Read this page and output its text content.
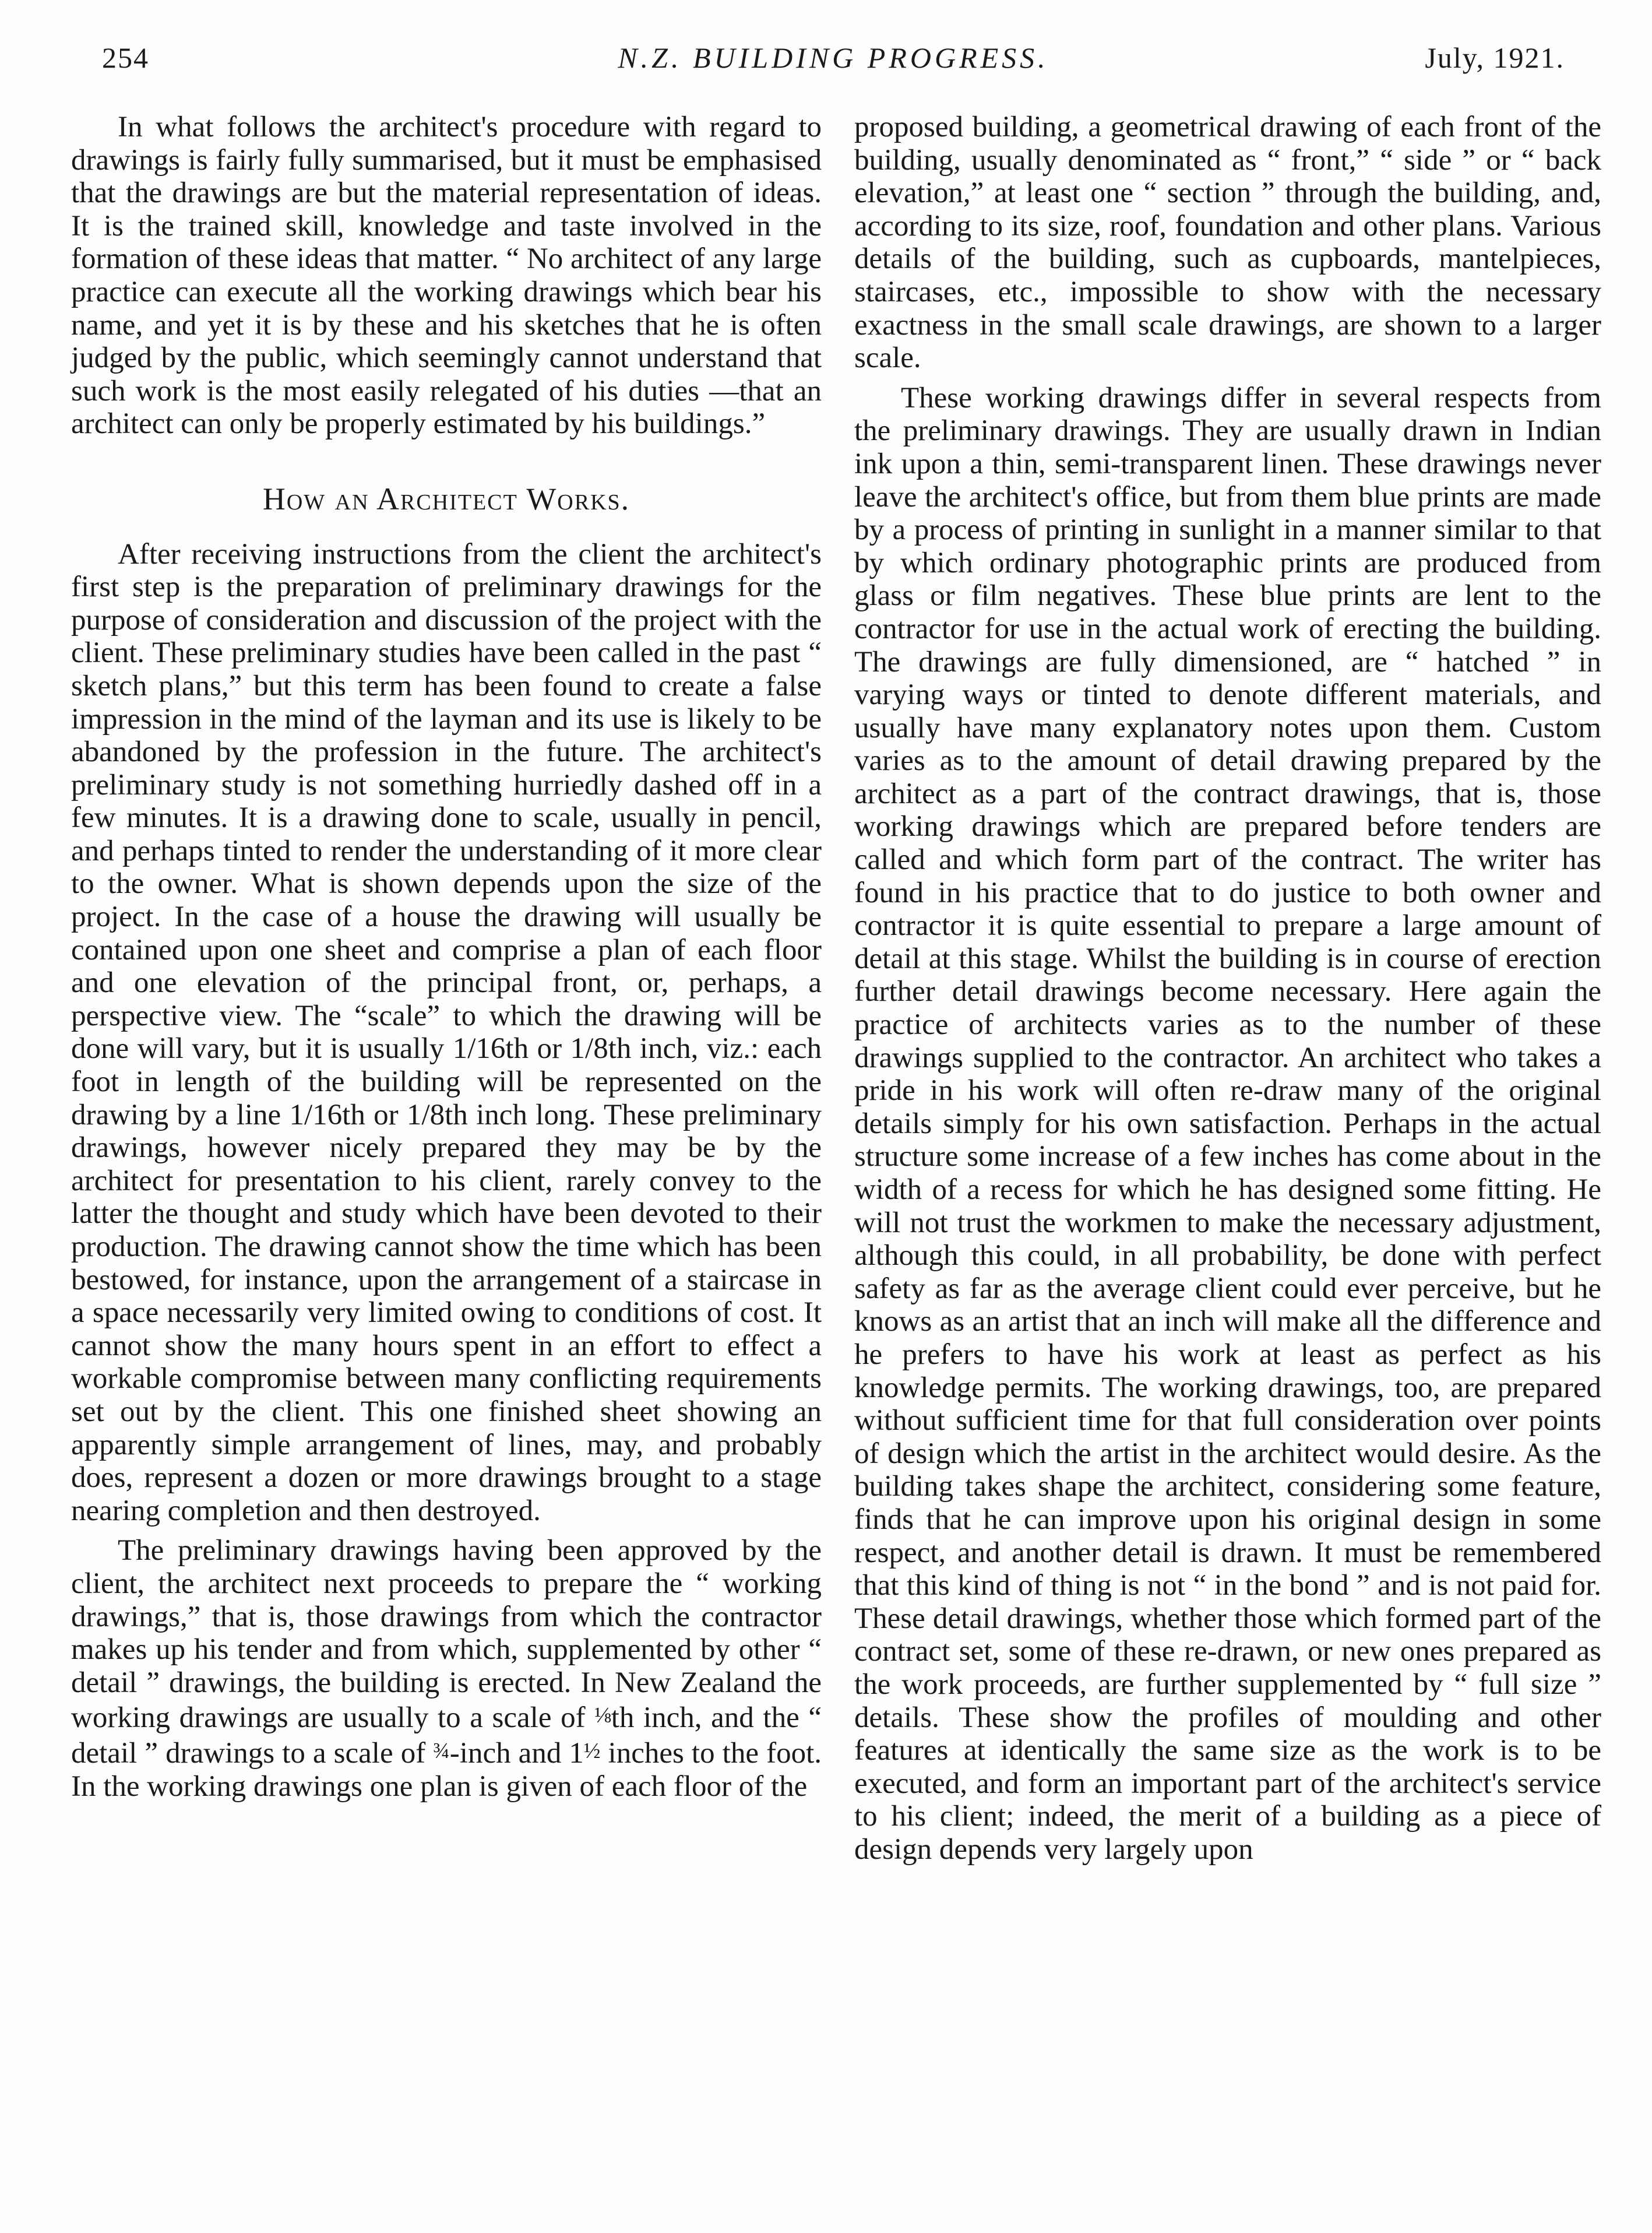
254	N.Z. BUILDING PROGRESS.	July, 1921.

In what follows the architect's procedure with regard to drawings is fairly fully summarised, but it must be emphasised that the drawings are but the material representation of ideas. It is the trained skill, knowledge and taste involved in the formation of these ideas that matter. “ No architect of any large practice can execute all the working drawings which bear his name, and yet it is by these and his sketches that he is often judged by the public, which seemingly cannot understand that such work is the most easily relegated of his duties —that an architect can only be properly estimated by his buildings.”

How an Architect Works.

After receiving instructions from the client the architect's first step is the preparation of preliminary drawings for the purpose of consideration and discussion of the project with the client. These preliminary studies have been called in the past “ sketch plans,” but this term has been found to create a false impression in the mind of the layman and its use is likely to be abandoned by the profession in the future. The architect's preliminary study is not something hurriedly dashed off in a few minutes. It is a drawing done to scale, usually in pencil, and perhaps tinted to render the understanding of it more clear to the owner. What is shown depends upon the size of the project. In the case of a house the drawing will usually be contained upon one sheet and comprise a plan of each floor and one elevation of the principal front, or, perhaps, a perspective view. The “scale” to which the drawing will be done will vary, but it is usually 1/16th or 1/8th inch, viz.: each foot in length of the building will be represented on the drawing by a line 1/16th or 1/8th inch long. These preliminary drawings, however nicely prepared they may be by the architect for presentation to his client, rarely convey to the latter the thought and study which have been devoted to their production. The drawing cannot show the time which has been bestowed, for instance, upon the arrangement of a staircase in a space necessarily very limited owing to conditions of cost. It cannot show the many hours spent in an effort to effect a workable compromise between many conflicting requirements set out by the client. This one finished sheet showing an apparently simple arrangement of lines, may, and probably does, represent a dozen or more drawings brought to a stage nearing completion and then destroyed.

The preliminary drawings having been approved by the client, the architect next proceeds to prepare the “ working drawings,” that is, those drawings from which the contractor makes up his tender and from which, supplemented by other “ detail ” drawings, the building is erected. In New Zealand the working drawings are usually to a scale of ⅛th inch, and the “ detail ” drawings to a scale of ¾-inch and 1½ inches to the foot. In the working drawings one plan is given of each floor of the

proposed building, a geometrical drawing of each front of the building, usually denominated as “ front,” “ side ” or “ back elevation,” at least one “ section ” through the building, and, according to its size, roof, foundation and other plans. Various details of the building, such as cupboards, mantelpieces, staircases, etc., impossible to show with the necessary exactness in the small scale drawings, are shown to a larger scale.

These working drawings differ in several respects from the preliminary drawings. They are usually drawn in Indian ink upon a thin, semi-transparent linen. These drawings never leave the architect's office, but from them blue prints are made by a process of printing in sunlight in a manner similar to that by which ordinary photographic prints are produced from glass or film negatives. These blue prints are lent to the contractor for use in the actual work of erecting the building. The drawings are fully dimensioned, are “ hatched ” in varying ways or tinted to denote different materials, and usually have many explanatory notes upon them. Custom varies as to the amount of detail drawing prepared by the architect as a part of the contract drawings, that is, those working drawings which are prepared before tenders are called and which form part of the contract. The writer has found in his practice that to do justice to both owner and contractor it is quite essential to prepare a large amount of detail at this stage. Whilst the building is in course of erection further detail drawings become necessary. Here again the practice of architects varies as to the number of these drawings supplied to the contractor. An architect who takes a pride in his work will often re-draw many of the original details simply for his own satisfaction. Perhaps in the actual structure some increase of a few inches has come about in the width of a recess for which he has designed some fitting. He will not trust the workmen to make the necessary adjustment, although this could, in all probability, be done with perfect safety as far as the average client could ever perceive, but he knows as an artist that an inch will make all the difference and he prefers to have his work at least as perfect as his knowledge permits. The working drawings, too, are prepared without sufficient time for that full consideration over points of design which the artist in the architect would desire. As the building takes shape the architect, considering some feature, finds that he can improve upon his original design in some respect, and another detail is drawn. It must be remembered that this kind of thing is not “ in the bond ” and is not paid for. These detail drawings, whether those which formed part of the contract set, some of these re-drawn, or new ones prepared as the work proceeds, are further supplemented by “ full size ” details. These show the profiles of moulding and other features at identically the same size as the work is to be executed, and form an important part of the architect's service to his client; indeed, the merit of a building as a piece of design depends very largely upon
